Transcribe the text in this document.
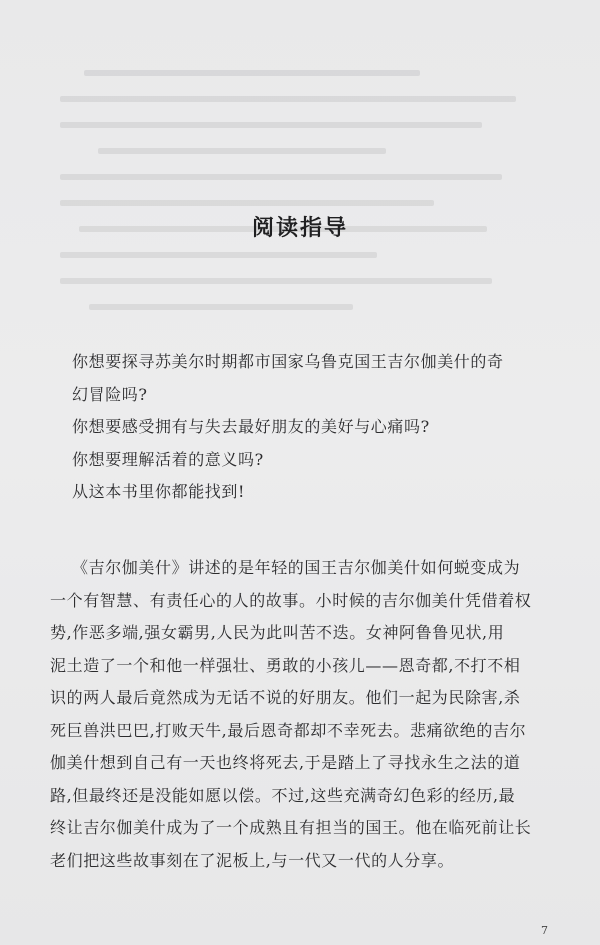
阅读指导
你想要探寻苏美尔时期都市国家乌鲁克国王吉尔伽美什的奇
幻冒险吗?
你想要感受拥有与失去最好朋友的美好与心痛吗?
你想要理解活着的意义吗?
从这本书里你都能找到!
《吉尔伽美什》讲述的是年轻的国王吉尔伽美什如何蜕变成为
一个有智慧、有责任心的人的故事。小时候的吉尔伽美什凭借着权
势,作恶多端,强女霸男,人民为此叫苦不迭。女神阿鲁鲁见状,用
泥土造了一个和他一样强壮、勇敢的小孩儿——恩奇都,不打不相
识的两人最后竟然成为无话不说的好朋友。他们一起为民除害,杀
死巨兽洪巴巴,打败天牛,最后恩奇都却不幸死去。悲痛欲绝的吉尔
伽美什想到自己有一天也终将死去,于是踏上了寻找永生之法的道
路,但最终还是没能如愿以偿。不过,这些充满奇幻色彩的经历,最
终让吉尔伽美什成为了一个成熟且有担当的国王。他在临死前让长
老们把这些故事刻在了泥板上,与一代又一代的人分享。
7
